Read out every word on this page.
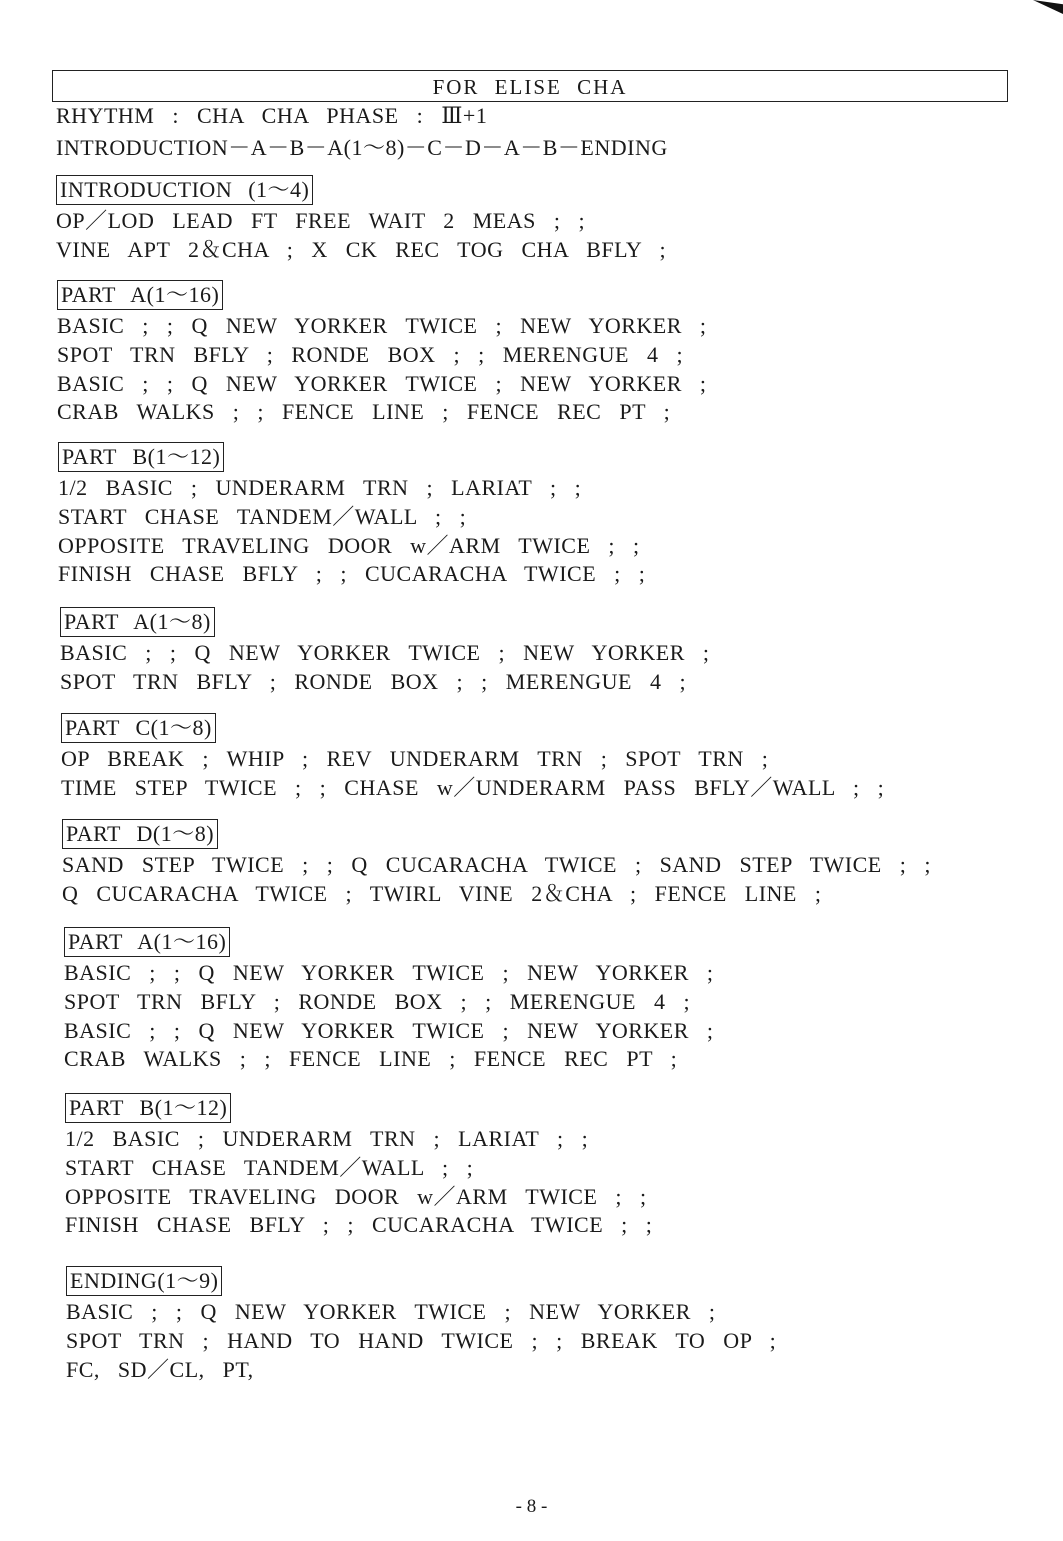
FOR ELISE CHA
RHYTHM : CHA CHA PHASE : Ⅲ+1
INTRODUCTION－A－B－A(1～8)－C－D－A－B－ENDING
INTRODUCTION (1～4)
OP／LOD LEAD FT FREE WAIT 2 MEAS ; ;
VINE APT 2＆CHA ; X CK REC TOG CHA BFLY ;
PART A(1～16)
BASIC ; ; Q NEW YORKER TWICE ; NEW YORKER ;
SPOT TRN BFLY ; RONDE BOX ; ; MERENGUE 4 ;
BASIC ; ; Q NEW YORKER TWICE ; NEW YORKER ;
CRAB WALKS ; ; FENCE LINE ; FENCE REC PT ;
PART B(1～12)
1/2 BASIC ; UNDERARM TRN ; LARIAT ; ;
START CHASE TANDEM／WALL ; ;
OPPOSITE TRAVELING DOOR w／ARM TWICE ; ;
FINISH CHASE BFLY ; ; CUCARACHA TWICE ; ;
PART A(1～8)
BASIC ; ; Q NEW YORKER TWICE ; NEW YORKER ;
SPOT TRN BFLY ; RONDE BOX ; ; MERENGUE 4 ;
PART C(1～8)
OP BREAK ; WHIP ; REV UNDERARM TRN ; SPOT TRN ;
TIME STEP TWICE ; ; CHASE w／UNDERARM PASS BFLY／WALL ; ;
PART D(1～8)
SAND STEP TWICE ; ; Q CUCARACHA TWICE ; SAND STEP TWICE ; ;
Q CUCARACHA TWICE ; TWIRL VINE 2＆CHA ; FENCE LINE ;
PART A(1～16)
BASIC ; ; Q NEW YORKER TWICE ; NEW YORKER ;
SPOT TRN BFLY ; RONDE BOX ; ; MERENGUE 4 ;
BASIC ; ; Q NEW YORKER TWICE ; NEW YORKER ;
CRAB WALKS ; ; FENCE LINE ; FENCE REC PT ;
PART B(1～12)
1/2 BASIC ; UNDERARM TRN ; LARIAT ; ;
START CHASE TANDEM／WALL ; ;
OPPOSITE TRAVELING DOOR w／ARM TWICE ; ;
FINISH CHASE BFLY ; ; CUCARACHA TWICE ; ;
ENDING(1～9)
BASIC ; ; Q NEW YORKER TWICE ; NEW YORKER ;
SPOT TRN ; HAND TO HAND TWICE ; ; BREAK TO OP ;
FC, SD／CL, PT,
- 8 -
